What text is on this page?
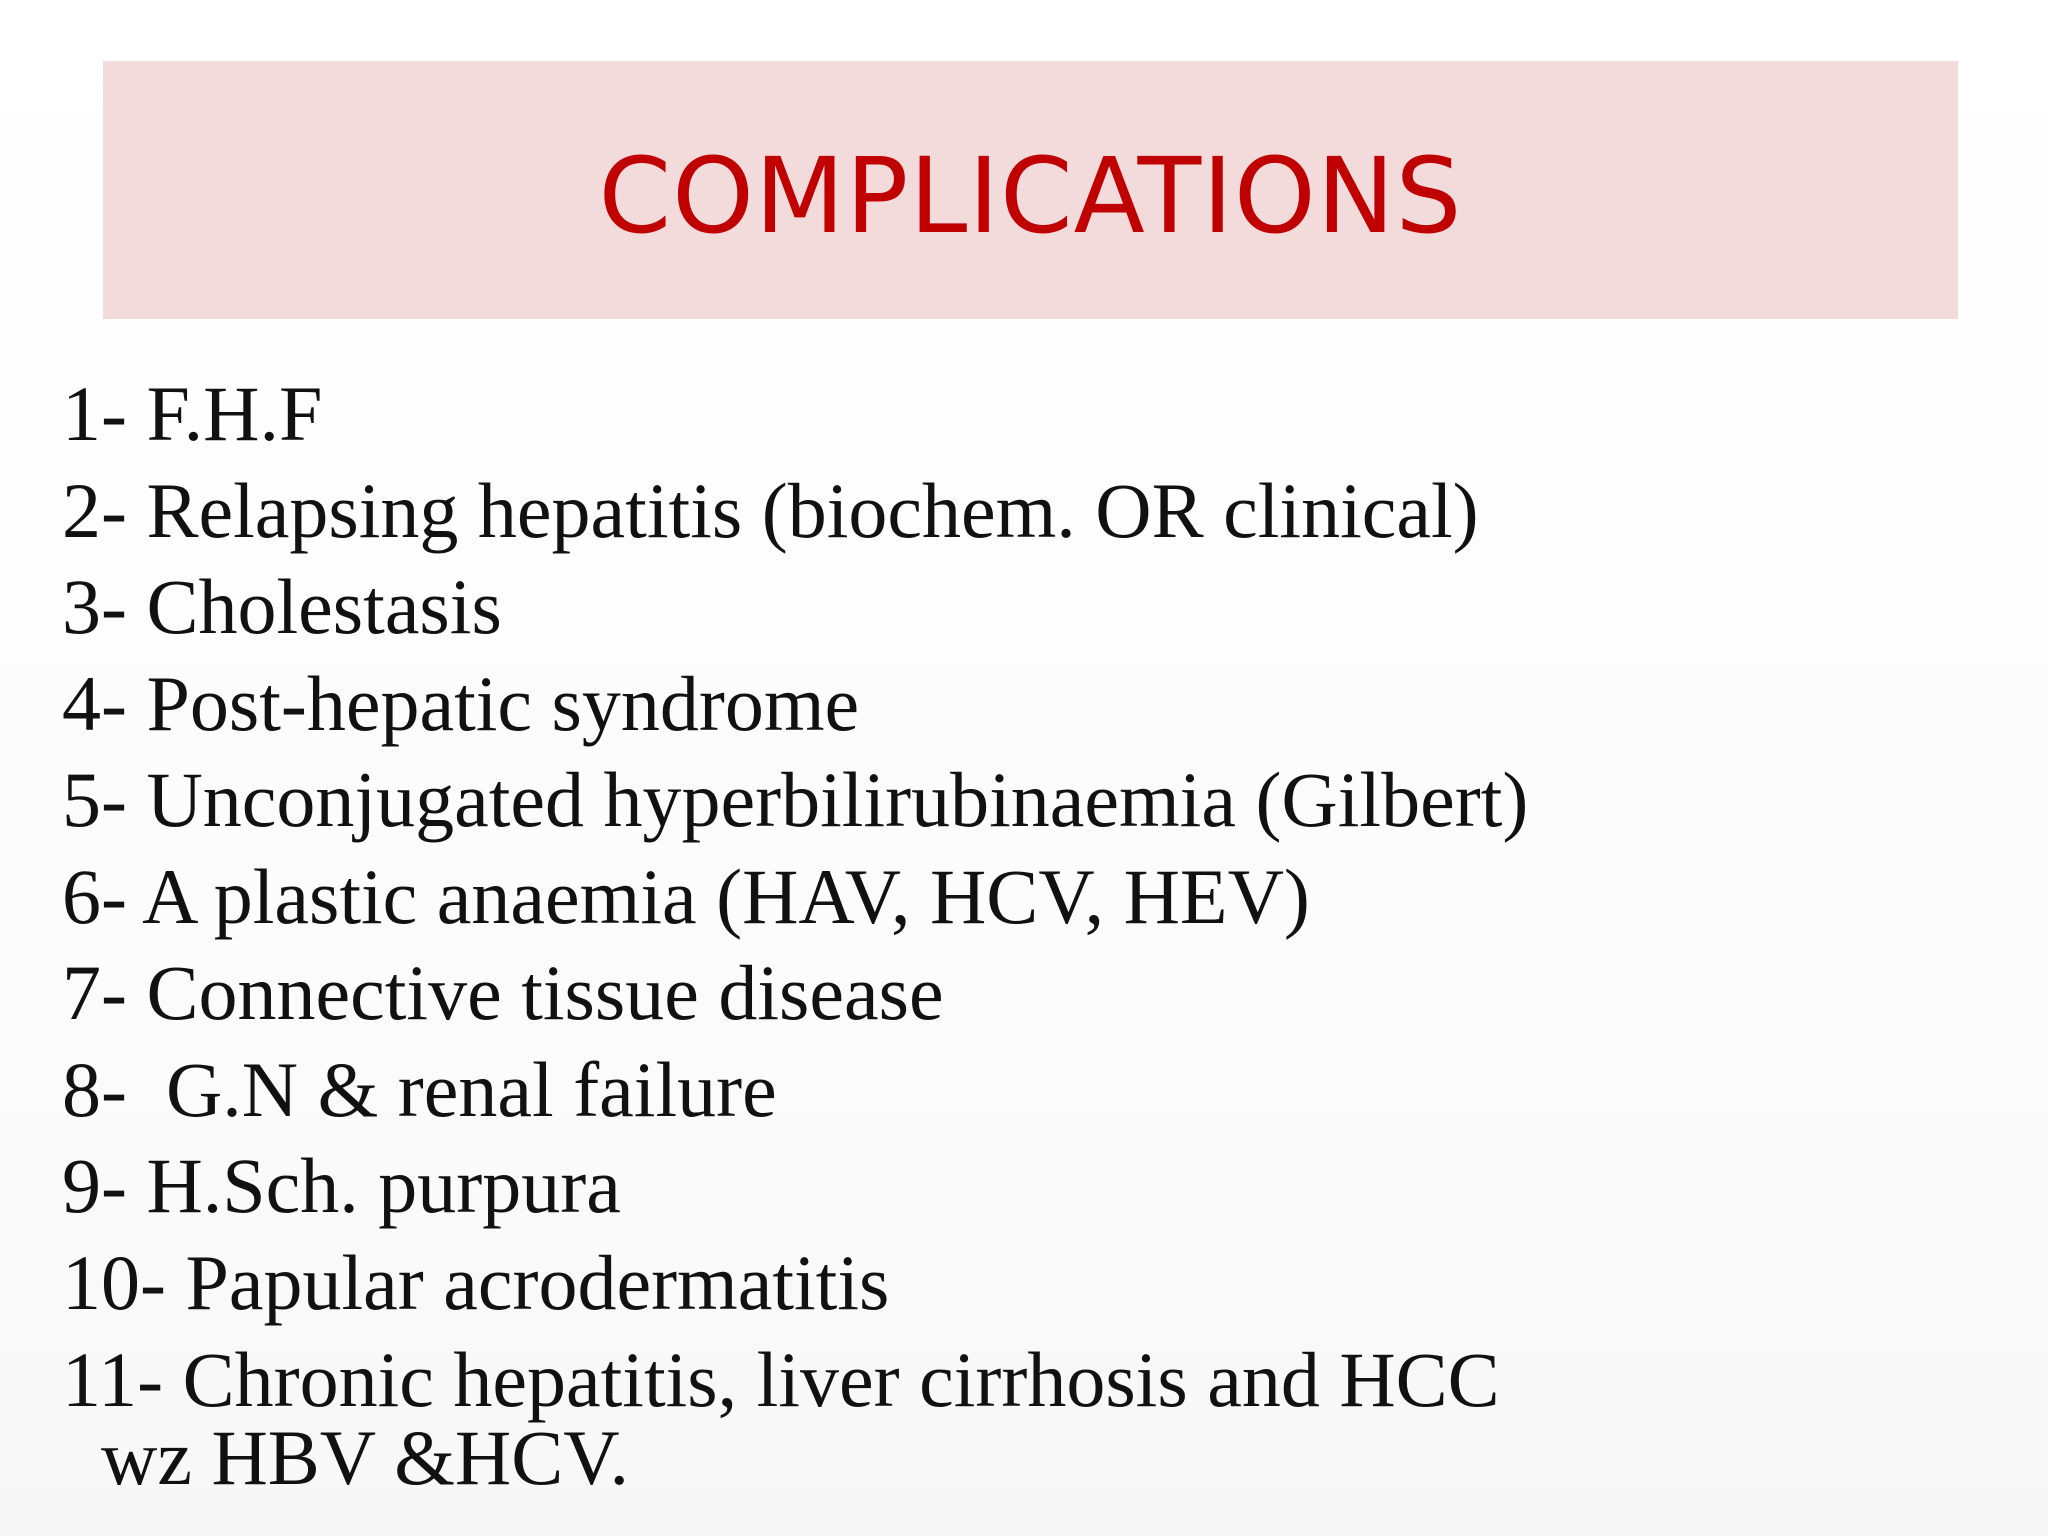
COMPLICATIONS
1- F.H.F
2- Relapsing hepatitis (biochem. OR clinical)
3- Cholestasis
4- Post-hepatic syndrome
5- Unconjugated hyperbilirubinaemia (Gilbert)
6- A plastic anaemia (HAV, HCV, HEV)
7- Connective tissue disease
8-  G.N & renal failure
9- H.Sch. purpura
10- Papular acrodermatitis
11- Chronic hepatitis, liver cirrhosis and HCC
wz HBV &HCV.
